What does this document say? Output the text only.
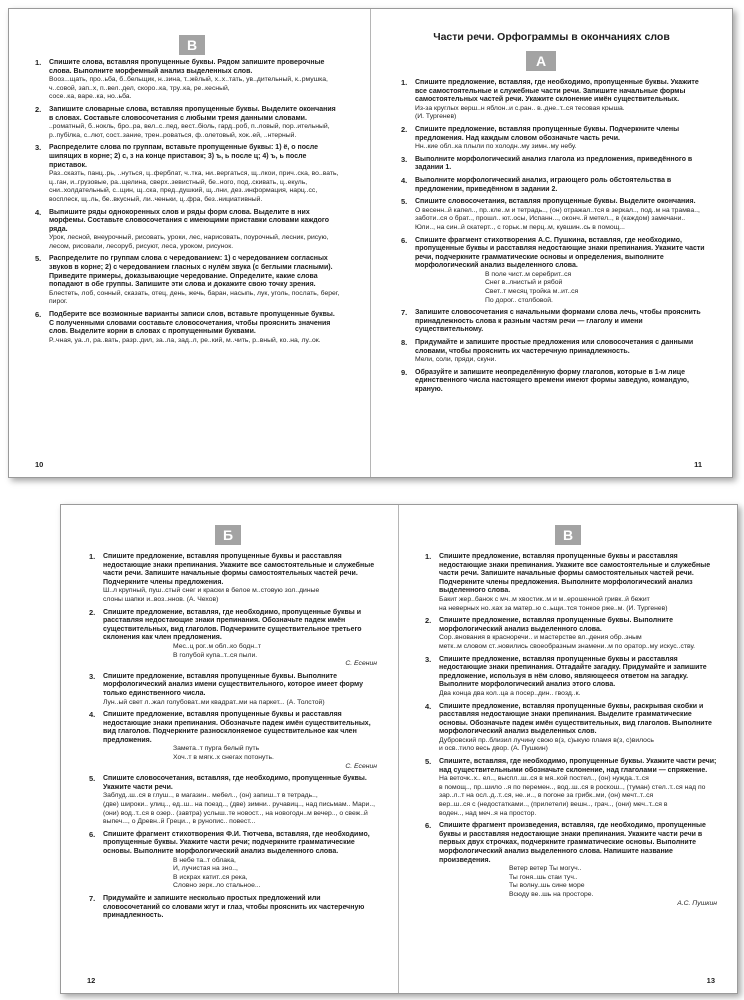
В
10
1. Спишите слова, вставляя пропущенные буквы. Рядом запишите проверочные слова. Выполните морфемный анализ выделенных слов.
Вооз...щать, про..ьба, б..бельщик, н..зина, т..жёлый, х..х..тать, ув..дительный, к..рмушка, ч..совой, зап..х, п..вел..дел, скоро..ка, тру..ка, ре..кесный,
сосе..ка, варе..ка, но..ьба.
2. Запишите словарные слова, вставляя пропущенные буквы. Выделите окончания в словах. Составьте словосочетания с любыми тремя данными словами.
..роматный, б..нокль, бро..ра, вел..с..пед, вест..біоль, гард..роб, п..ловый, пор..ительный, р..пубілка, с..лют, сост..зание, трен..роваться, ф..олетовый, хок..ей, ..нтерный.
3. Распределите слова по группам, вставьте пропущенные буквы: 1) ё, о после шипящих в корне; 2) с, з на конце приставок; 3) ъ, ь после ц; 4) ъ, ь после приставок.
Раз..сказть, панц..рь, ..нуться, ц..ферблат, ч..тка, ни..вергаться, щ..лкои, прич..ска, во..вать, ц..ган, и..грузовые, ра..щелина, сверх..зевистный, бе..ного, под..скивать, ц..екуль, сни..холдательный, с..щин, щ..ска, пред..душкий, щ..лни, дез..информация, нарц..сс, восплеск, щ..ль, бе..вкусный, ли..ченьки, ц..фра, без..нициативный.
4. Выпишите ряды однокоренных слов и ряды форм слова. Выделите в них морфемы. Составьте словосочетания с имеющими приставки словами каждого ряда.
Урок, лесной, внеурочный, рисовать, уроки, лес, нарисовать, поурочный, лесник, рисую, лесом, рисовали, лесоруб, рисуют, леса, уроком, рисунок.
5. Распределите по группам слова с чередованием: 1) с чередованием согласных звуков в корне; 2) с чередованием гласных с нулём звука (с беглыми гласными). Приведите примеры, доказывающие чередование. Определите, какие слова попадают в обе группы. Запишите эти слова и докажите свою точку зрения.
Блестеть, лоб, сонный, сказать, отец, день, жечь, баран, насыпь, лук, уголь, послать, берег, пирог.
6. Подберите все возможные варианты записи слов, вставьте пропущенные буквы. С полученными словами составьте словосочетания, чтобы прояснить значения слов. Выделите корни в словах с пропущенными буквами.
Р..чная, уа..л, ра..вать, разр..дил, за..ла, зад..л, ре..кий, м..чить, р..вный, ко..на, лу..ок.
Части речи. Орфограммы в окончаниях слов
А
11
1. Спишите предложение, вставляя, где необходимо, пропущенные буквы. Укажите все самостоятельные и служебные части речи. Запишите начальные формы самостоятельных частей речи. Укажите склонение имён существительных.
Из-за круглых верш..н яблон..и с.ран.. в..дне..т..ся тесовая крыша.
(И. Тургенев)
2. Спишите предложение, вставляя пропущенные буквы. Подчеркните члены предложения. Над каждым словом обозначьте часть речи.
Нн..кие обл..ка плыли по холодн..му зимн..му небу.
3. Выполните морфологический анализ глагола из предложения, приведённого в задании 1.
4. Выполните морфологический анализ, играющего роль обстоятельства в предложении, приведённом в задании 2.
5. Спишите словосочетания, вставляя пропущенные буквы. Выделите окончания.
О весенн..й капел.., пр..кле..м и тетрадь.., (он) отражал..тся в зеркал.., под..м на трамва.., заботи..ся о брат.., прошл.. ют..осы, Испанн..., оконч..й метел.., в (каждом) замечани.. Юли.., на син..й скатерт.., с горьк..м перц..м, кувшин..сь в помощ...
6. Спишите фрагмент стихотворения А.С. Пушкина, вставляя, где необходимо, пропущенные буквы и расставляя недостающие знаки препинания. Укажите части речи, подчеркните грамматические основы и определения, выполните морфологический анализ выделенного слова.
В поле чист..м серебрит..ся
Снег в..лнистый и рябой
Свет..т месяц тройка м..ит..ся
По дорог.. столбовой.
7. Запишите словосочетания с начальными формами слова лечь, чтобы прояснить принадлежность слова к разным частям речи — глаголу и имени существительному.
8. Придумайте и запишите простые предложения или словосочетания с данными словами, чтобы прояснить их частеречную принадлежность.
Мели, соли, пряди, скуни.
9. Образуйте и запишите неопределённую форму глаголов, которые в 1-м лице единственного числа настоящего времени имеют формы заведую, командую, краную.
Б
12
1. Спишите предложение, вставляя пропущенные буквы и расставляя недостающие знаки препинания. Укажите все самостоятельные и служебные части речи. Запишите начальные формы самостоятельных частей речи. Подчеркните члены предложения.
Ш..л крупный, пуш..стый снег и краски в белое м..стовую зол..диные
слоны шапки и..воз..ннов. (А. Чехов)
2. Спишите предложение, вставляя, где необходимо, пропущенные буквы и расставляя недостающие знаки препинания. Обозначьте падеж имён существительных, вид глаголов. Подчеркните существительное третьего склонения как член предложения.
Мес..ц рог..м обл..ко бодн..т
В голубой купа..т..ся пыли.
С. Есенин
3. Спишите предложение, вставляя пропущенные буквы. Выполните морфологический анализ имени существительного, которое имеет форму только единственного числа.
Лун..ый свет л..жал голубоват..ми квадрат..ми на паркет... (А. Толстой)
4. Спишите предложение, вставляя пропущенные буквы и расставляя недостающие знаки препинания. Обозначьте падеж имён существительных, вид глаголов. Подчеркните разносклоняемое существительное как член предложения.
Замета..т пурга белый путь
Хоч..т в мягк..х снегах потонуть.
С. Есенин
5. Спишите словосочетания, вставляя, где необходимо, пропущенные буквы. Укажите части речи.
Заблуд..ш..ся в глуш.., в магазин.. мебел.., (он) запиш..т в тетрадь..,
(две) широки.. улиц.., ед..ш.. на поезд.., (две) зимни.. ручавиц.., над письмам.. Мари.., (они) вод..т..ся в озер.. (завтра) услыш..те новост.., на новогодн..м вечер.., о свеж..й выпеч..., о Древн..й Греци.., в рунопис.. повест...
6. Спишите фрагмент стихотворения Ф.И. Тютчева, вставляя, где необходимо, пропущенные буквы. Укажите части речи; подчеркните грамматические основы. Выполните морфологический анализ выделенного слова.
В небе та..т облака,
И, лучистая на зно..,
В искрах катит..ся река,
Словно зерк..ло стальное...
7. Придумайте и запишите несколько простых предложений или словосочетаний со словами жгут и глаз, чтобы прояснить их частеречную принадлежность.
В
13
1. Спишите предложение, вставляя пропущенные буквы и расставляя недостающие знаки препинания. Укажите все самостоятельные и служебные части речи. Запишите начальные формы самостоятельных частей речи. Подчеркните члены предложения. Выполните морфологический анализ выделенного слова.
Бакит жер..банок с мч..м хвостик..м и м..ерошенной гривк..й бежит
на неверных но..ках за матер..ю с..ьщи..тся тонкое рже..м. (И. Тургенев)
2. Спишите предложение, вставляя пропущенные буквы. Выполните морфологический анализ выделенного слова.
Сор..внования в красноречи.. и мастерстве вл..дения обр..зным
метк..м словом ст..новились своеобразным знамени..м по оратор..му искус..ству.
3. Спишите предложение, вставляя пропущенные буквы и расставляя недостающие знаки препинания. Отгадайте загадку. Придумайте и запишите предложение, используя в нём слово, являющееся ответом на загадку. Выполните морфологический анализ этого слова.
Два конца два кол..ца а посер..дин.. гвозд..к.
4. Спишите предложение, вставляя пропущенные буквы, раскрывая скобки и расставляя недостающие знаки препинания. Выделите грамматические основы. Обозначьте падеж имён существительных, вид глаголов. Выполните морфологический анализ выделенных слов.
Дубровский пр..близил лучину свою в(з, с)ыкую пламя в(з, с)вилось
и осв..тило весь двор. (А. Пушкин)
5. Спишите, вставляя, где необходимо, пропущенные буквы. Укажите части речи; над существительными обозначьте склонение, над глаголами — спряжение.
На веточк..х.. ел.., выспл..ш..ся в мя..кой постел.., (он) нужда..т..ся
в помощ.., пр..шило ..я по перемен.., вод..ш..ся в роскош.., (туман) стел..т..ся над по
зар..л..т на осл..д..т..ся, не..и.., в погоне за грибк..ми, (он) мечт..т..ся
вер..ш..ся с (недостатками.., (прилетели) вешн.., грач.., (они) меч..т..ся в
воден.., над меч..я на простор.
6. Спишите фрагмент произведения, вставляя, где необходимо, пропущенные буквы и расставляя недостающие знаки препинания. Укажите части речи в первых двух строчках, подчеркните грамматические основы. Выполните морфологический анализ выделенного слова. Напишите название произведения.
Ветер ветер Ты могуч..
Ты гоня..шь стаи туч..
Ты волну..шь сине море
Всюду ве..шь на просторе.
А.С. Пушкин
